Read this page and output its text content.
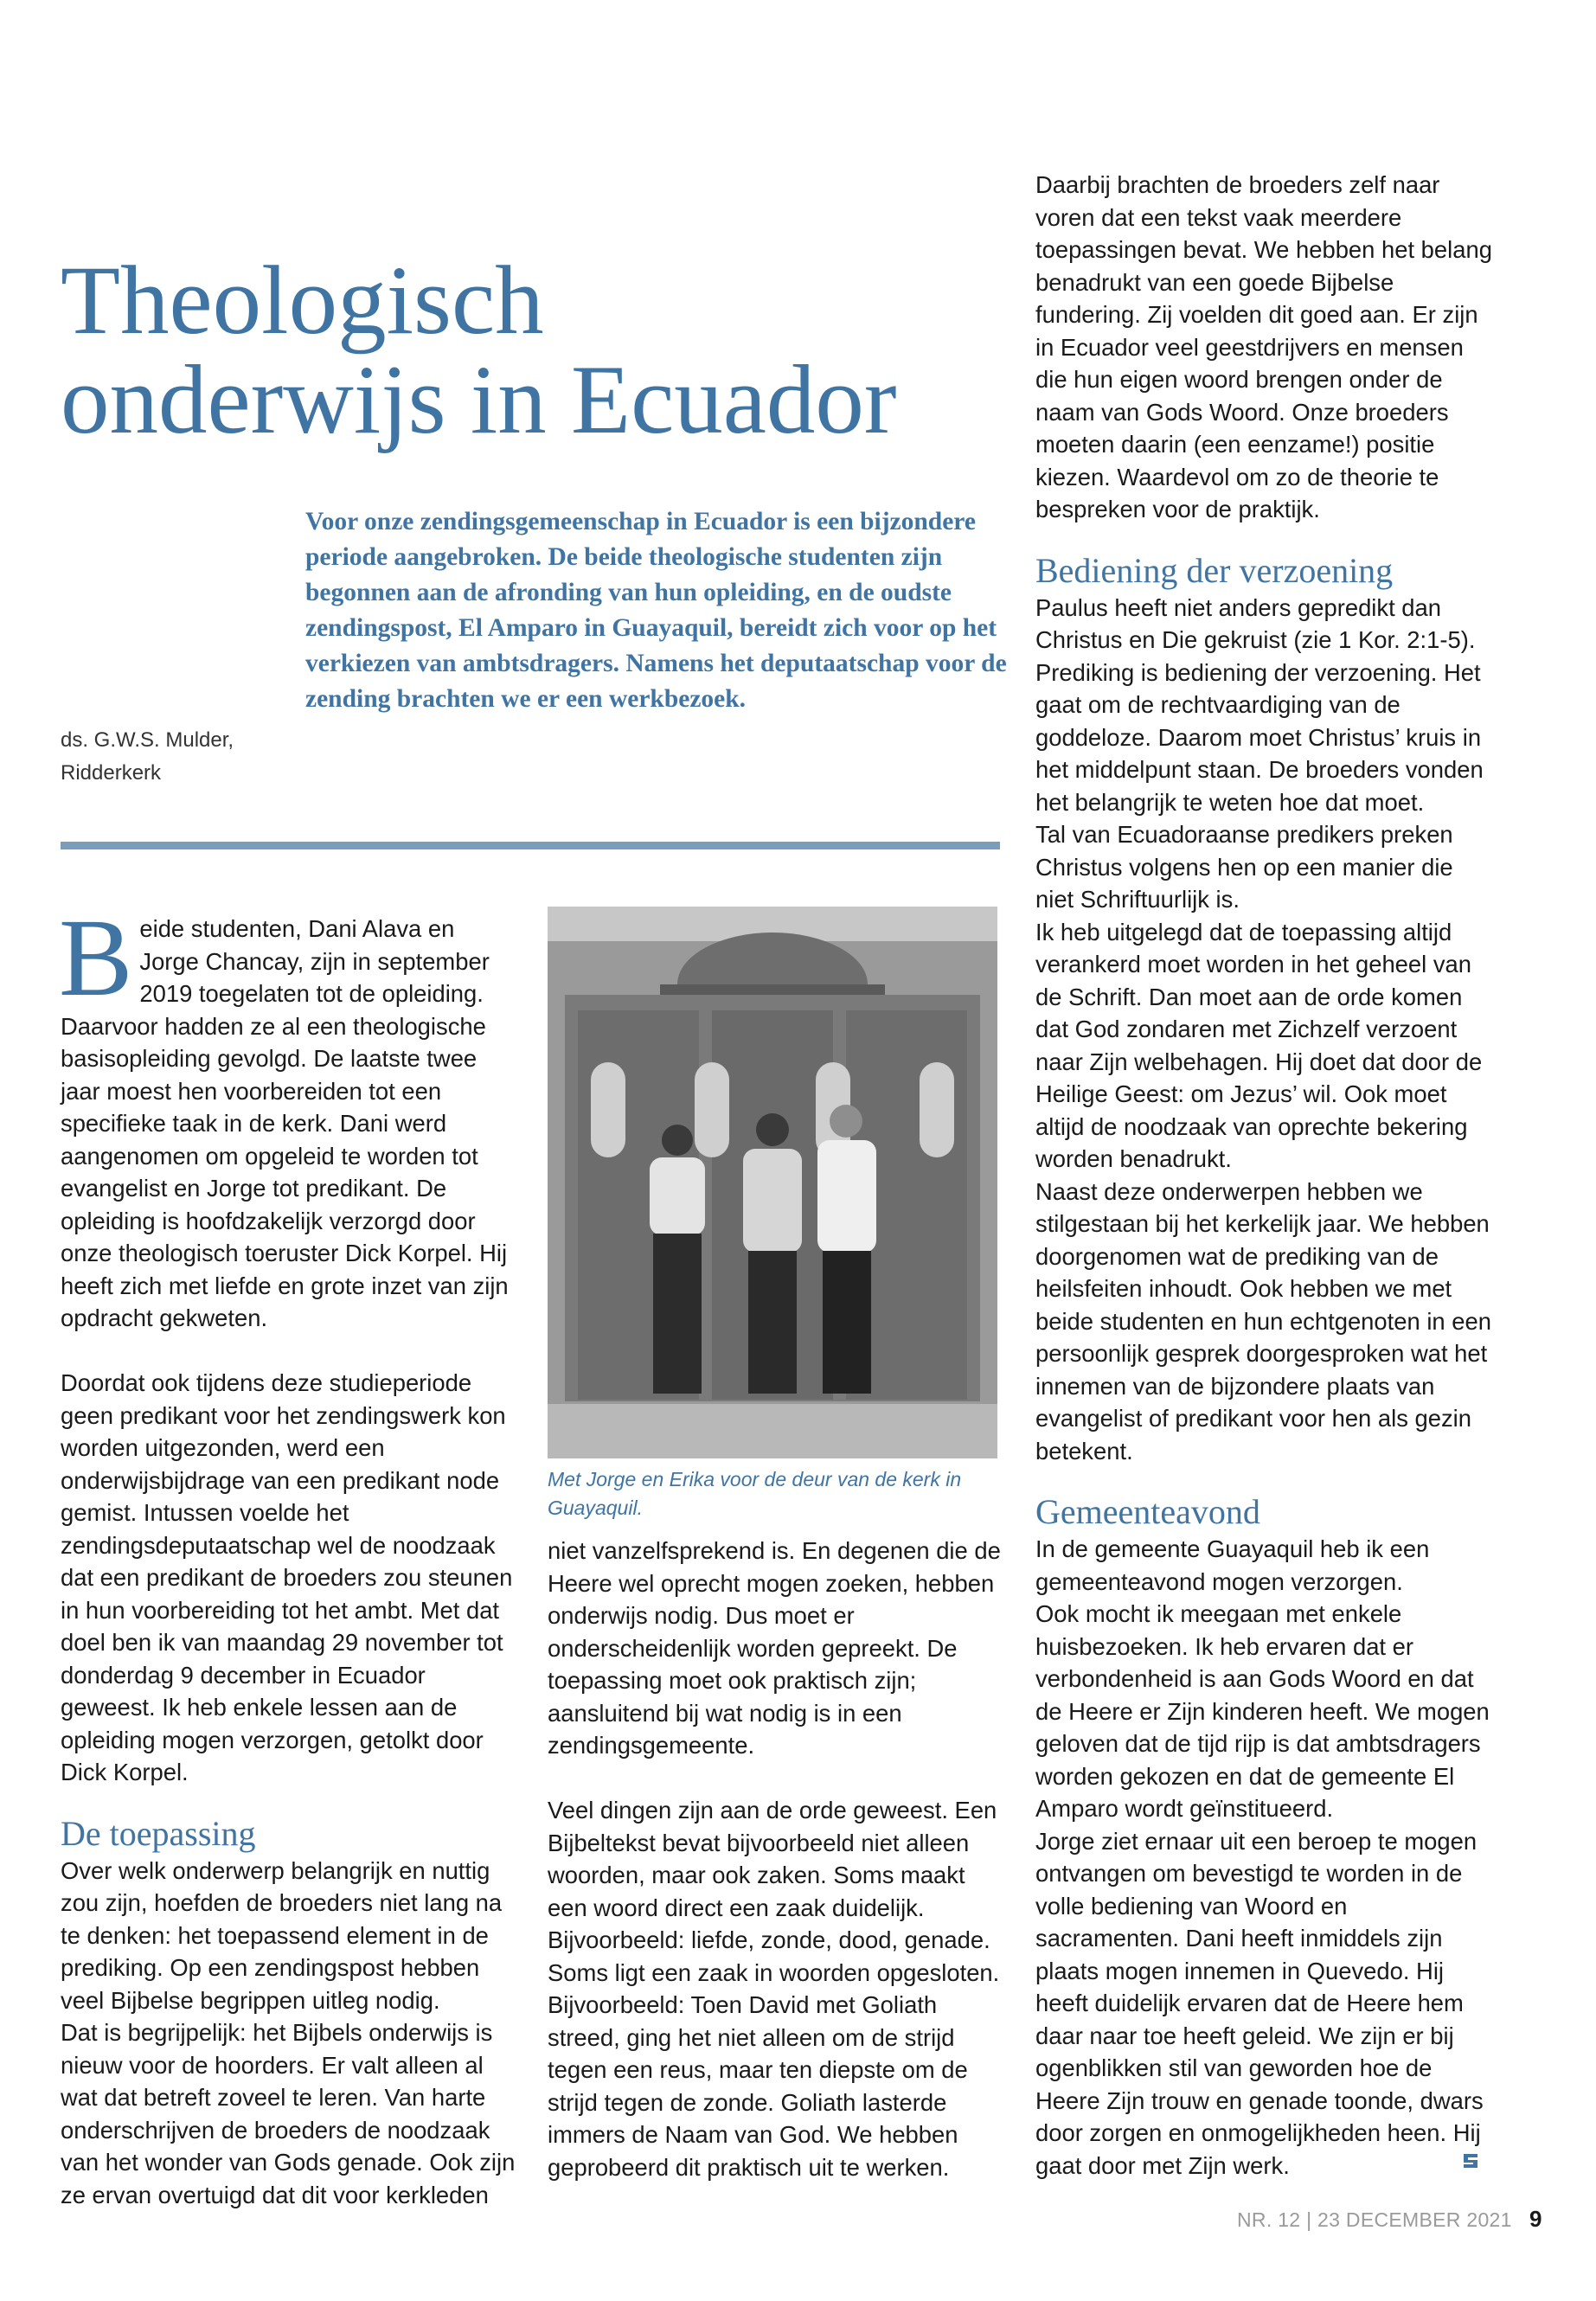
Theologisch
onderwijs in Ecuador

Voor onze zendingsgemeenschap in Ecuador is een bijzondere periode aangebroken. De beide theologische studenten zijn begonnen aan de afronding van hun opleiding, en de oudste zendingspost, El Amparo in Guayaquil, bereidt zich voor op het verkiezen van ambtsdragers. Namens het deputaatschap voor de zending brachten we er een werkbezoek.

ds. G.W.S. Mulder,
Ridderkerk

Beide studenten, Dani Alava en Jorge Chancay, zijn in september 2019 toegelaten tot de opleiding. Daarvoor hadden ze al een theologische basisopleiding gevolgd. De laatste twee jaar moest hen voorbereiden tot een specifieke taak in de kerk. Dani werd aangenomen om opgeleid te worden tot evangelist en Jorge tot predikant. De opleiding is hoofdzakelijk verzorgd door onze theologisch toeruster Dick Korpel. Hij heeft zich met liefde en grote inzet van zijn opdracht gekweten.

Doordat ook tijdens deze studieperiode geen predikant voor het zendingswerk kon worden uitgezonden, werd een onderwijsbijdrage van een predikant node gemist. Intussen voelde het zendingsdeputaatschap wel de noodzaak dat een predikant de broeders zou steunen in hun voorbereiding tot het ambt. Met dat doel ben ik van maandag 29 november tot donderdag 9 december in Ecuador geweest. Ik heb enkele lessen aan de opleiding mogen verzorgen, getolkt door Dick Korpel.

De toepassing

Over welk onderwerp belangrijk en nuttig zou zijn, hoefden de broeders niet lang na te denken: het toepassend element in de prediking. Op een zendingspost hebben veel Bijbelse begrippen uitleg nodig.

Dat is begrijpelijk: het Bijbels onderwijs is nieuw voor de hoorders. Er valt alleen al wat dat betreft zoveel te leren. Van harte onderschrijven de broeders de noodzaak van het wonder van Gods genade. Ook zijn ze ervan overtuigd dat dit voor kerkleden

Met Jorge en Erika voor de deur van de kerk in Guayaquil.

niet vanzelfsprekend is. En degenen die de Heere wel oprecht mogen zoeken, hebben onderwijs nodig. Dus moet er onderscheidenlijk worden gepreekt. De toepassing moet ook praktisch zijn; aansluitend bij wat nodig is in een zendingsgemeente.

Veel dingen zijn aan de orde geweest. Een Bijbeltekst bevat bijvoorbeeld niet alleen woorden, maar ook zaken. Soms maakt een woord direct een zaak duidelijk. Bijvoorbeeld: liefde, zonde, dood, genade. Soms ligt een zaak in woorden opgesloten. Bijvoorbeeld: Toen David met Goliath streed, ging het niet alleen om de strijd tegen een reus, maar ten diepste om de strijd tegen de zonde. Goliath lasterde immers de Naam van God. We hebben geprobeerd dit praktisch uit te werken.

Daarbij brachten de broeders zelf naar voren dat een tekst vaak meerdere toepassingen bevat. We hebben het belang benadrukt van een goede Bijbelse fundering. Zij voelden dit goed aan. Er zijn in Ecuador veel geestdrijvers en mensen die hun eigen woord brengen onder de naam van Gods Woord. Onze broeders moeten daarin (een eenzame!) positie kiezen. Waardevol om zo de theorie te bespreken voor de praktijk.

Bediening der verzoening

Paulus heeft niet anders gepredikt dan Christus en Die gekruist (zie 1 Kor. 2:1-5). Prediking is bediening der verzoening. Het gaat om de rechtvaardiging van de goddeloze. Daarom moet Christus’ kruis in het middelpunt staan. De broeders vonden het belangrijk te weten hoe dat moet.

Tal van Ecuadoraanse predikers preken Christus volgens hen op een manier die niet Schriftuurlijk is.

Ik heb uitgelegd dat de toepassing altijd verankerd moet worden in het geheel van de Schrift. Dan moet aan de orde komen dat God zondaren met Zichzelf verzoent naar Zijn welbehagen. Hij doet dat door de Heilige Geest: om Jezus’ wil. Ook moet altijd de noodzaak van oprechte bekering worden benadrukt.

Naast deze onderwerpen hebben we stilgestaan bij het kerkelijk jaar. We hebben doorgenomen wat de prediking van de heilsfeiten inhoudt. Ook hebben we met beide studenten en hun echtgenoten in een persoonlijk gesprek doorgesproken wat het innemen van de bijzondere plaats van evangelist of predikant voor hen als gezin betekent.

Gemeenteavond

In de gemeente Guayaquil heb ik een gemeenteavond mogen verzorgen.

Ook mocht ik meegaan met enkele huisbezoeken. Ik heb ervaren dat er verbondenheid is aan Gods Woord en dat de Heere er Zijn kinderen heeft. We mogen geloven dat de tijd rijp is dat ambtsdragers worden gekozen en dat de gemeente El Amparo wordt geïnstitueerd.

Jorge ziet ernaar uit een beroep te mogen ontvangen om bevestigd te worden in de volle bediening van Woord en sacramenten. Dani heeft inmiddels zijn plaats mogen innemen in Quevedo. Hij heeft duidelijk ervaren dat de Heere hem daar naar toe heeft geleid. We zijn er bij ogenblikken stil van geworden hoe de Heere Zijn trouw en genade toonde, dwars door zorgen en onmogelijkheden heen. Hij gaat door met Zijn werk.

NR. 12 | 23 DECEMBER 2021 9
